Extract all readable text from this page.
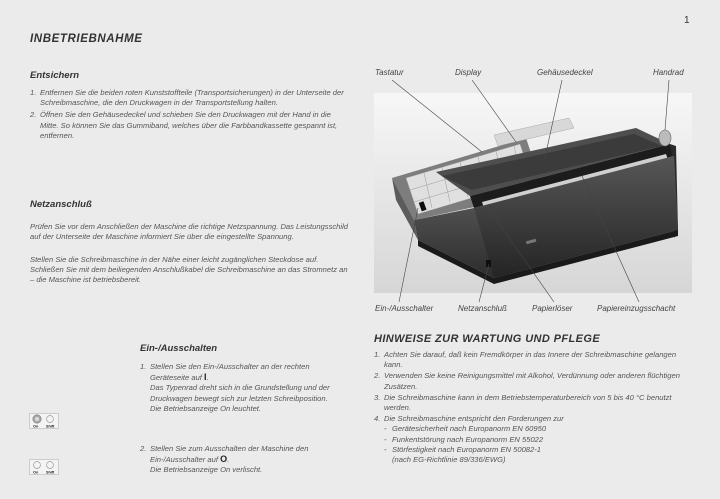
1
INBETRIEBNAHME
Entsichern
1. Entfernen Sie die beiden roten Kunststoffteile (Transportsicherungen) in der Unterseite der Schreibmaschine, die den Druckwagen in der Transportstellung halten.
2. Öffnen Sie den Gehäusedeckel und schieben Sie den Druckwagen mit der Hand in die Mitte. So können Sie das Gummiband, welches über die Farbbandkassette gespannt ist, entfernen.
Netzanschluß
Prüfen Sie vor dem Anschließen der Maschine die richtige Netzspannung. Das Leistungsschild auf der Unterseite der Maschine informiert Sie über die eingestellte Spannung.
Stellen Sie die Schreibmaschine in der Nähe einer leicht zugänglichen Steckdose auf. Schließen Sie mit dem beiliegenden Anschlußkabel die Schreibmaschine an das Stromnetz an – die Maschine ist betriebsbereit.
Ein-/Ausschalten
1. Stellen Sie den Ein-/Ausschalter an der rechten Geräteseite auf I.
Das Typenrad dreht sich in die Grundstellung und der Druckwagen bewegt sich zur letzten Schreibposition.
Die Betriebsanzeige On leuchtet.
2. Stellen Sie zum Ausschalten der Maschine den Ein-/Ausschalter auf O.
Die Betriebsanzeige On verlischt.
On Shift
On Shift
Tastatur	Display	Gehäusedeckel	Handrad
Ein-/Ausschalter	Netzanschluß	Papierlöser	Papiereinzugsschacht
HINWEISE ZUR WARTUNG UND PFLEGE
1. Achten Sie darauf, daß kein Fremdkörper in das Innere der Schreibmaschine gelangen kann.
2. Verwenden Sie keine Reinigungsmittel mit Alkohol, Verdünnung oder anderen flüchtigen Zusätzen.
3. Die Schreibmaschine kann in dem Betriebstemperaturbereich von 5 bis 40 °C benutzt werden.
4. Die Schreibmaschine entspricht den Forderungen zur
- Gerätesicherheit nach Europanorm EN 60950
- Funkentstörung nach Europanorm EN 55022
- Störfestigkeit nach Europanorm EN 50082-1
(nach EG-Richtlinie 89/336/EWG)
